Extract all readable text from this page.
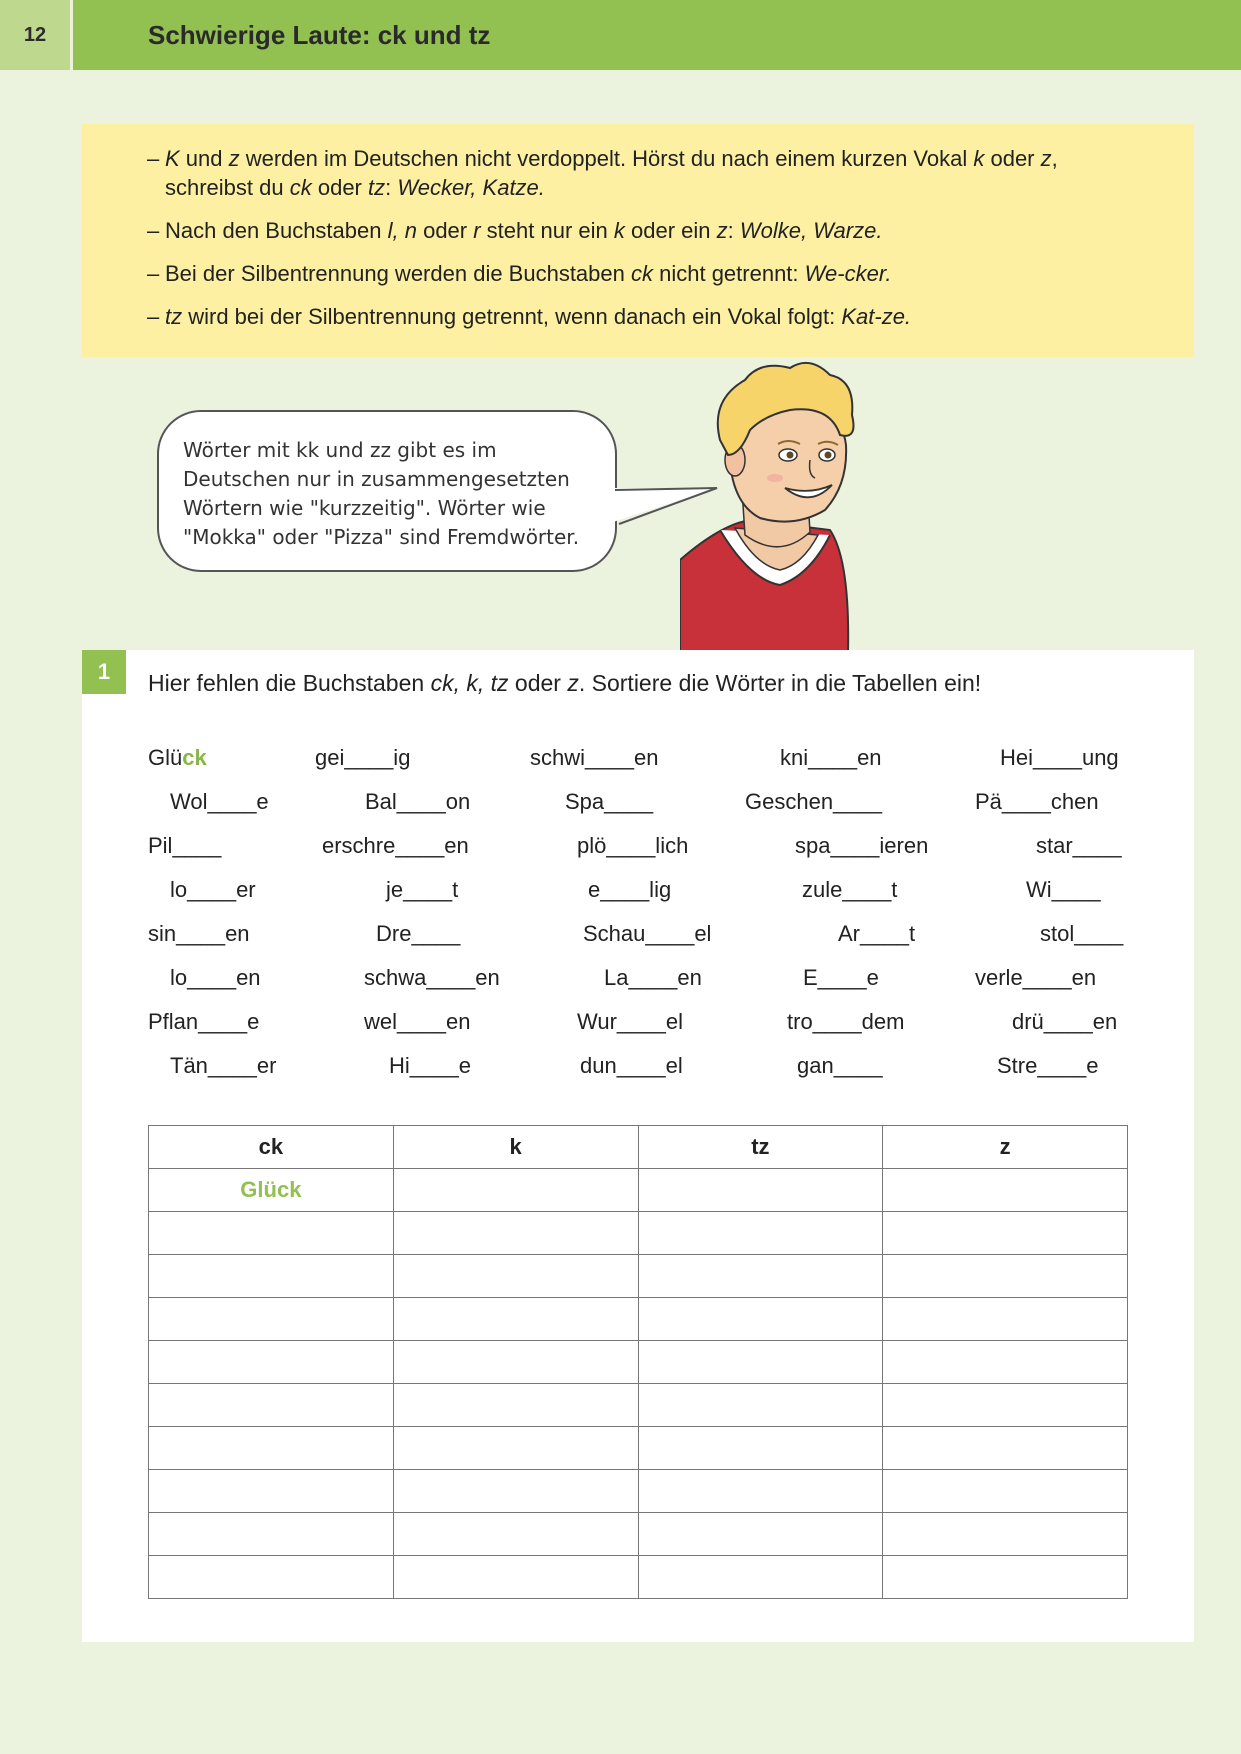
12	Schwierige Laute: ck und tz

– K und z werden im Deutschen nicht verdoppelt. Hörst du nach einem kurzen Vokal k oder z,
schreibst du ck oder tz: Wecker, Katze.

– Nach den Buchstaben l, n oder r steht nur ein k oder ein z: Wolke, Warze.

– Bei der Silbentrennung werden die Buchstaben ck nicht getrennt: We-cker.

– tz wird bei der Silbentrennung getrennt, wenn danach ein Vokal folgt: Kat-ze.

Wörter mit kk und zz gibt es im
Deutschen nur in zusammengesetzten
Wörtern wie "kurzzeitig". Wörter wie
"Mokka" oder "Pizza" sind Fremdwörter.
1	Hier fehlen die Buchstaben ck, k, tz oder z. Sortiere die Wörter in die Tabellen ein!
Glück	gei____ig	schwi____en	kni____en	Hei____ung
Wol____e	Bal____on	Spa____	Geschen____	Pä____chen
Pil____	erschre____en	plö____lich	spa____ieren	star____
lo____er	je____t	e____lig	zule____t	Wi____
sin____en	Dre____	Schau____el	Ar____t	stol____
lo____en	schwa____en	La____en	E____e	verle____en
Pflan____e	wel____en	Wur____el	tro____dem	drü____en
Tän____er	Hi____e	dun____el	gan____	Stre____e
ck	k	tz	z
Glück			
